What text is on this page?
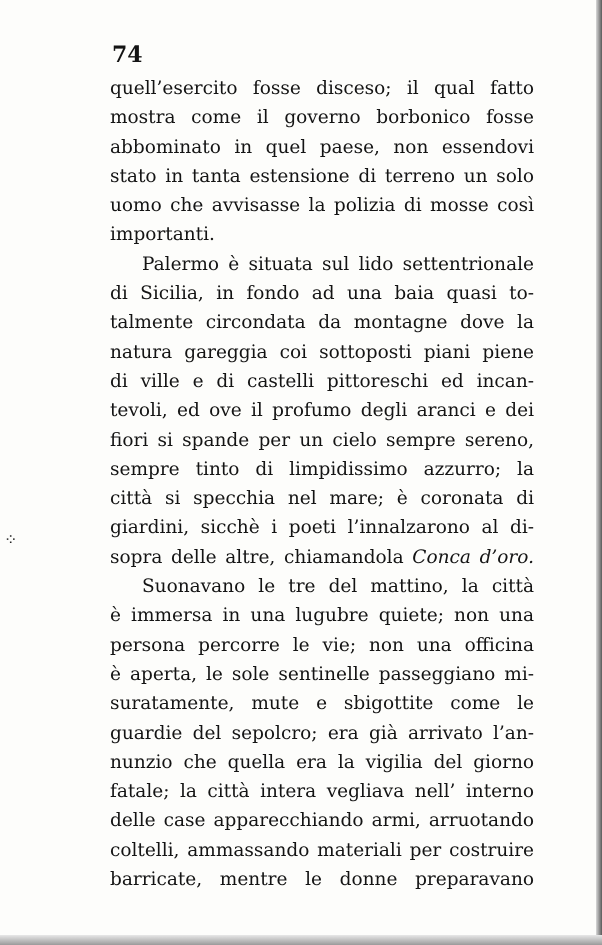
74
quell’esercito fosse disceso; il qual fatto
mostra come il governo borbonico fosse
abbominato in quel paese, non essendovi
stato in tanta estensione di terreno un solo
uomo che avvisasse la polizia di mosse così
importanti.
Palermo è situata sul lido settentrionale
di Sicilia, in fondo ad una baia quasi to-
talmente circondata da montagne dove la
natura gareggia coi sottoposti piani piene
di ville e di castelli pittoreschi ed incan-
tevoli, ed ove il profumo degli aranci e dei
fiori si spande per un cielo sempre sereno,
sempre tinto di limpidissimo azzurro; la
città si specchia nel mare; è coronata di
giardini, sicchè i poeti l’innalzarono al di-
sopra delle altre, chiamandola Conca d’oro.
Suonavano le tre del mattino, la città
è immersa in una lugubre quiete; non una
persona percorre le vie; non una officina
è aperta, le sole sentinelle passeggiano mi-
suratamente, mute e sbigottite come le
guardie del sepolcro; era già arrivato l’an-
nunzio che quella era la vigilia del giorno
fatale; la città intera vegliava nell’ interno
delle case apparecchiando armi, arruotando
coltelli, ammassando materiali per costruire
barricate, mentre le donne preparavano
⁘
